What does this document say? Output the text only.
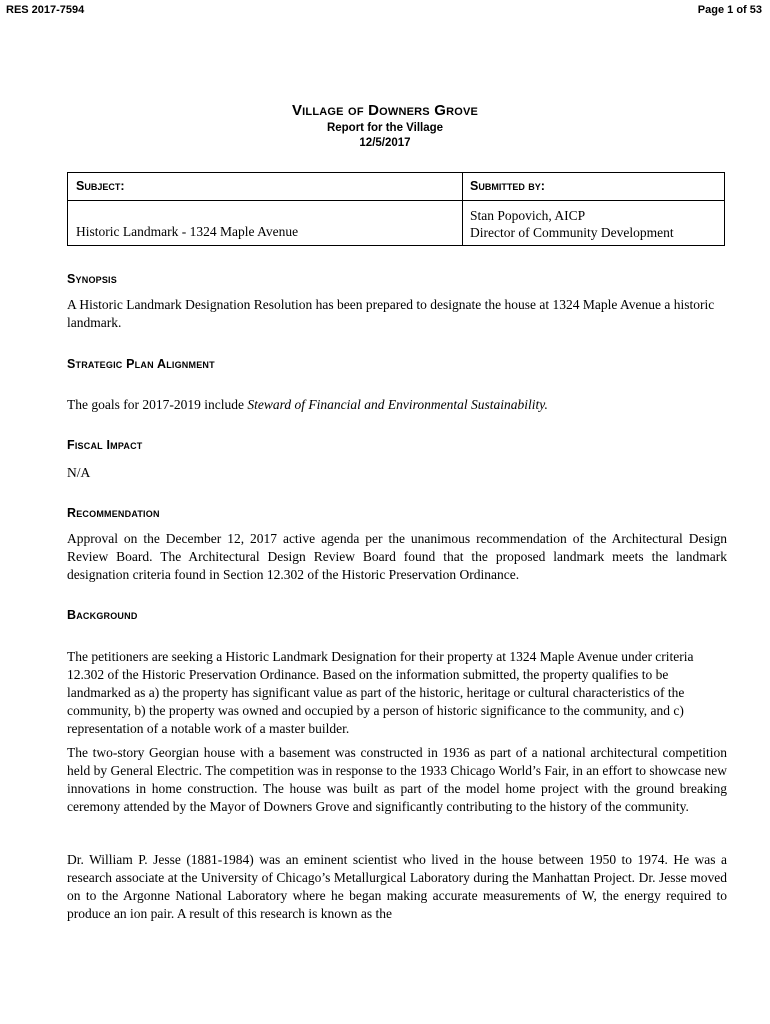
RES 2017-7594	Page 1 of 53
Village of Downers Grove
Report for the Village
12/5/2017
Subject:	Submitted by:
Historic Landmark - 1324 Maple Avenue
Stan Popovich, AICP
Director of Community Development
Synopsis
A Historic Landmark Designation Resolution has been prepared to designate the house at 1324 Maple Avenue a historic landmark.
Strategic Plan Alignment
The goals for 2017-2019 include Steward of Financial and Environmental Sustainability.
Fiscal Impact
N/A
Recommendation
Approval on the December 12, 2017 active agenda per the unanimous recommendation of the Architectural Design Review Board. The Architectural Design Review Board found that the proposed landmark meets the landmark designation criteria found in Section 12.302 of the Historic Preservation Ordinance.
Background
The petitioners are seeking a Historic Landmark Designation for their property at 1324 Maple Avenue under criteria 12.302 of the Historic Preservation Ordinance. Based on the information submitted, the property qualifies to be landmarked as a) the property has significant value as part of the historic, heritage or cultural characteristics of the community, b) the property was owned and occupied by a person of historic significance to the community, and c) representation of a notable work of a master builder.
The two-story Georgian house with a basement was constructed in 1936 as part of a national architectural competition held by General Electric. The competition was in response to the 1933 Chicago World’s Fair, in an effort to showcase new innovations in home construction. The house was built as part of the model home project with the ground breaking ceremony attended by the Mayor of Downers Grove and significantly contributing to the history of the community.
Dr. William P. Jesse (1881-1984) was an eminent scientist who lived in the house between 1950 to 1974. He was a research associate at the University of Chicago’s Metallurgical Laboratory during the Manhattan Project. Dr. Jesse moved on to the Argonne National Laboratory where he began making accurate measurements of W, the energy required to produce an ion pair. A result of this research is known as the
